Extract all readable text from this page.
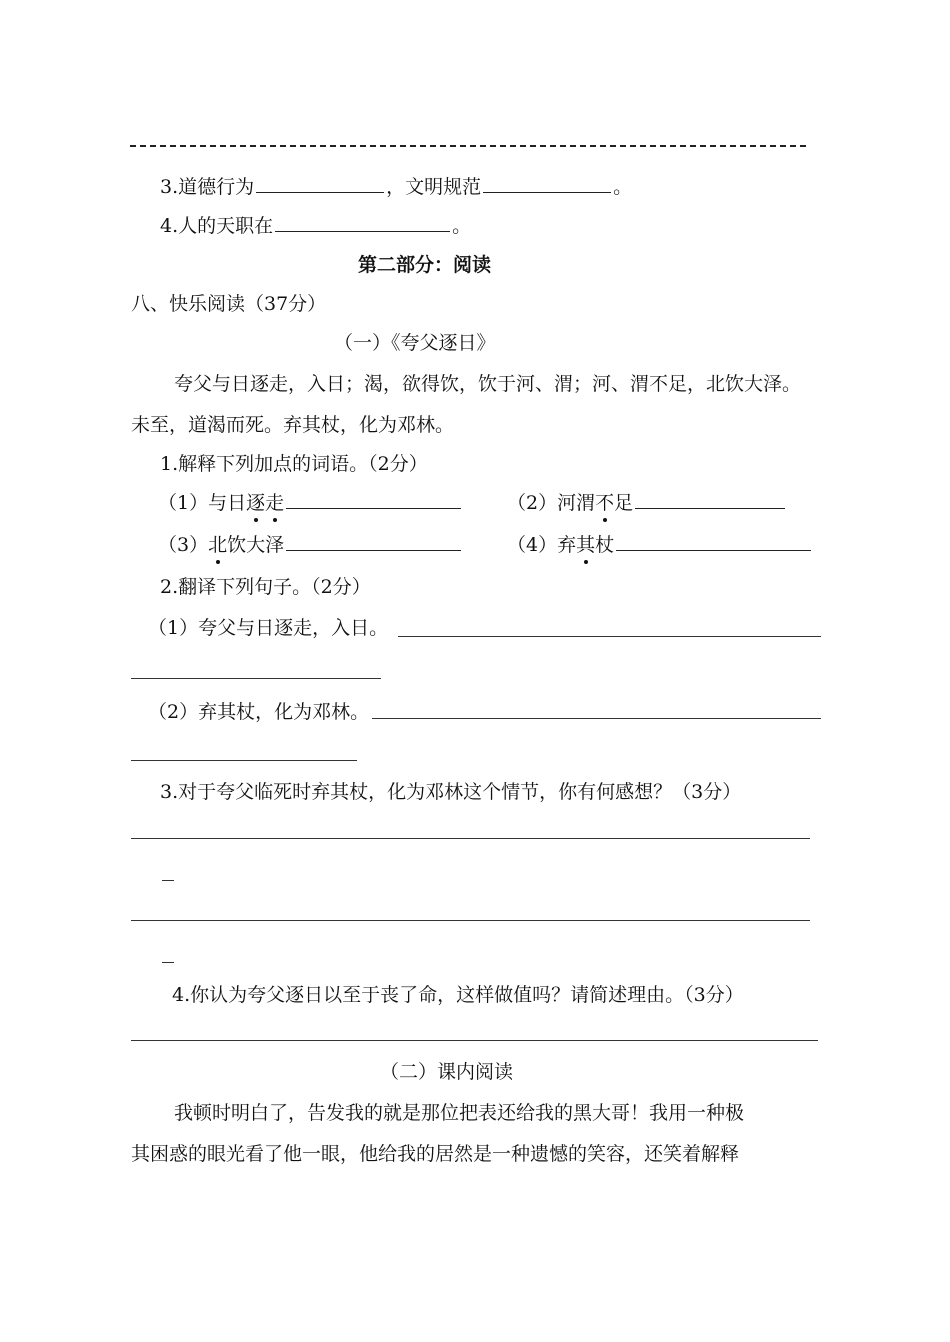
3.道德行为	，文明规范	。
4.人的天职在	。
第二部分：阅读
八、快乐阅读（37分）
（一）《夸父逐日》
夸父与日逐走，入日；渴，欲得饮，饮于河、渭；河、渭不足，北饮大泽。
未至，道渴而死。弃其杖，化为邓林。
1.解释下列加点的词语。（2分）
（1）与日逐走	（2）河渭不足
（3）北饮大泽	（4）弃其杖
2.翻译下列句子。（2分）
（1）夸父与日逐走，入日。
（2）弃其杖，化为邓林。
3.对于夸父临死时弃其杖，化为邓林这个情节，你有何感想？（3分）
4.你认为夸父逐日以至于丧了命，这样做值吗？请简述理由。（3分）
（二）课内阅读
我顿时明白了，告发我的就是那位把表还给我的黑大哥！我用一种极
其困惑的眼光看了他一眼，他给我的居然是一种遗憾的笑容，还笑着解释
